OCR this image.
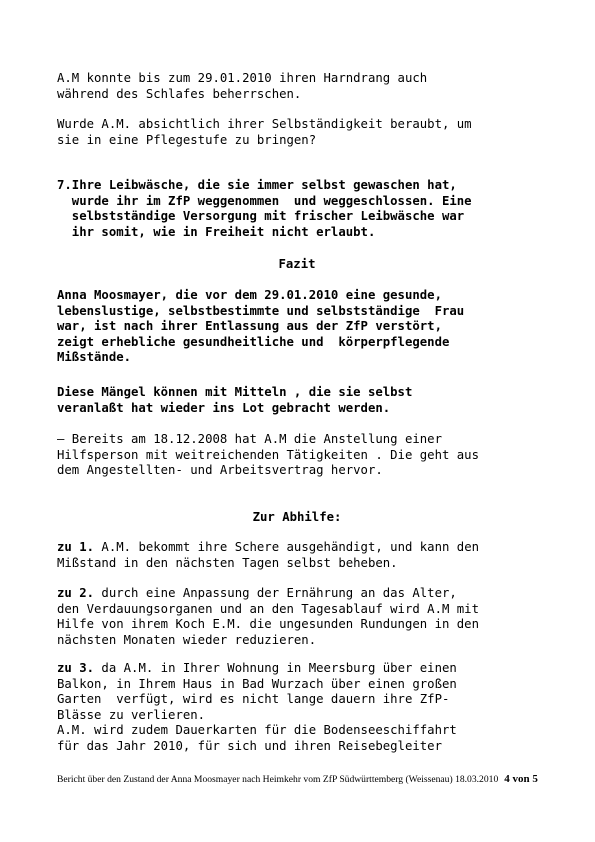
A.M konnte bis zum 29.01.2010 ihren Harndrang auch
während des Schlafes beherrschen.
Wurde A.M. absichtlich ihrer Selbständigkeit beraubt, um
sie in eine Pflegestufe zu bringen?
7.Ihre Leibwäsche, die sie immer selbst gewaschen hat,
wurde ihr im ZfP weggenommen  und weggeschlossen. Eine
selbstständige Versorgung mit frischer Leibwäsche war
ihr somit, wie in Freiheit nicht erlaubt.
Fazit
Anna Moosmayer, die vor dem 29.01.2010 eine gesunde,
lebenslustige, selbstbestimmte und selbstständige  Frau
war, ist nach ihrer Entlassung aus der ZfP verstört,
zeigt erhebliche gesundheitliche und  körperpflegende
Mißstände.
Diese Mängel können mit Mitteln , die sie selbst
veranlaßt hat wieder ins Lot gebracht werden.
– Bereits am 18.12.2008 hat A.M die Anstellung einer
Hilfsperson mit weitreichenden Tätigkeiten . Die geht aus
dem Angestellten- und Arbeitsvertrag hervor.
Zur Abhilfe:
zu 1. A.M. bekommt ihre Schere ausgehändigt, und kann den
Mißstand in den nächsten Tagen selbst beheben.
zu 2. durch eine Anpassung der Ernährung an das Alter,
den Verdauungsorganen und an den Tagesablauf wird A.M mit
Hilfe von ihrem Koch E.M. die ungesunden Rundungen in den
nächsten Monaten wieder reduzieren.
zu 3. da A.M. in Ihrer Wohnung in Meersburg über einen
Balkon, in Ihrem Haus in Bad Wurzach über einen großen
Garten  verfügt, wird es nicht lange dauern ihre ZfP-
Blässe zu verlieren.
A.M. wird zudem Dauerkarten für die Bodenseeschiffahrt
für das Jahr 2010, für sich und ihren Reisebegleiter
Bericht über den Zustand der Anna Moosmayer nach Heimkehr vom ZfP Südwürttemberg (Weissenau) 18.03.2010 4 von 5
